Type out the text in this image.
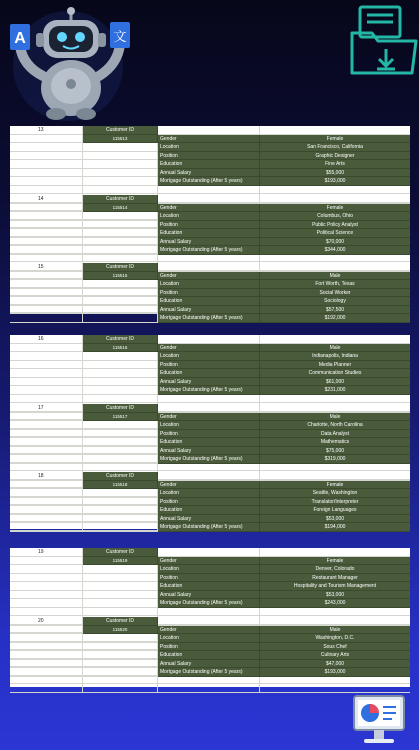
A	文
13	Customer ID
115513	Gender	Female
Location	San Francisco, California
Position	Graphic Designer
Education	Fine Arts
Annual Salary	$55,000
Mortgage Outstanding (After 5 years)	$193,000
14	Customer ID
115514	Gender	Female
Location	Columbus, Ohio
Position	Public Policy Analyst
Education	Political Science
Annual Salary	$70,000
Mortgage Outstanding (After 5 years)	$344,000
15	Customer ID
115515	Gender	Male
Location	Fort Worth, Texas
Position	Social Worker
Education	Sociology
Annual Salary	$57,500
Mortgage Outstanding (After 5 years)	$192,000
16	Customer ID
115516	Gender	Male
Location	Indianapolis, Indiana
Position	Media Planner
Education	Communication Studies
Annual Salary	$61,000
Mortgage Outstanding (After 5 years)	$231,000
17	Customer ID
115517	Gender	Male
Location	Charlotte, North Carolina
Position	Data Analyst
Education	Mathematics
Annual Salary	$75,000
Mortgage Outstanding (After 5 years)	$319,000
18	Customer ID
115518	Gender	Female
Location	Seattle, Washington
Position	Translator/Interpreter
Education	Foreign Languages
Annual Salary	$53,000
Mortgage Outstanding (After 5 years)	$194,000
19	Customer ID
115519	Gender	Female
Location	Denver, Colorado
Position	Restaurant Manager
Education	Hospitality and Tourism Management
Annual Salary	$53,000
Mortgage Outstanding (After 5 years)	$243,000
20	Customer ID
115520	Gender	Male
Location	Washington, D.C.
Position	Sous Chef
Education	Culinary Arts
Annual Salary	$47,000
Mortgage Outstanding (After 5 years)	$193,000
